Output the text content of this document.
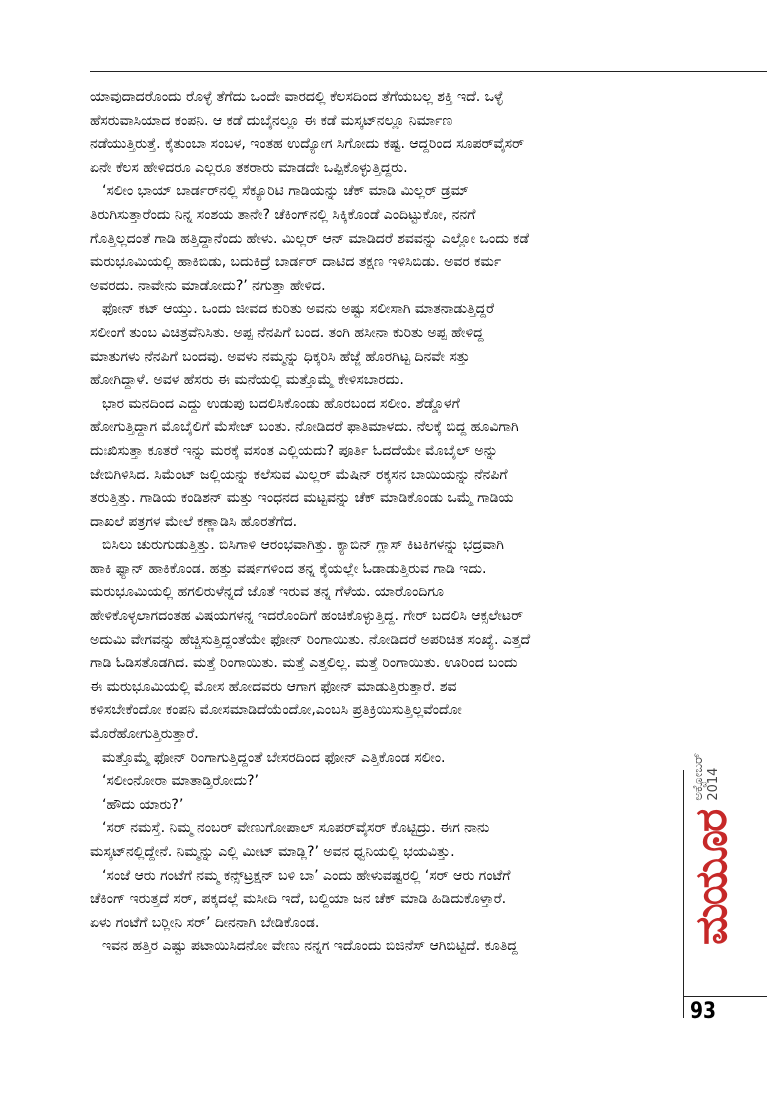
ಯಾವುದಾದರೊಂದು ರೊಳ್ಳೆ ತೆಗೆದು ಒಂದೇ ವಾರದಲ್ಲಿ ಕೆಲಸದಿಂದ ತೆಗೆಯಬಲ್ಲ ಶಕ್ತಿ ಇದೆ. ಒಳ್ಳೆ
ಹೆಸರುವಾಸಿಯಾದ ಕಂಪನಿ. ಆ ಕಡೆ ದುಬೈನಲ್ಲೂ ಈ ಕಡೆ ಮಸ್ಕಟ್‌ನಲ್ಲೂ ನಿರ್ಮಾಣ
ನಡೆಯುತ್ತಿರುತ್ತೆ. ಕೈತುಂಬಾ ಸಂಬಳ, ಇಂತಹ ಉದ್ಯೋಗ ಸಿಗೋದು ಕಷ್ಟ. ಆದ್ದರಿಂದ ಸೂಪರ್‌ವೈಸರ್
ಏನೇ ಕೆಲಸ ಹೇಳಿದರೂ ಎಲ್ಲರೂ ತಕರಾರು ಮಾಡದೇ ಒಪ್ಪಿಕೊಳ್ಳುತ್ತಿದ್ದರು.
‘ಸಲೀಂ ಭಾಯ್ ಬಾರ್ಡರ್‌ನಲ್ಲಿ ಸೆಕ್ಯೂರಿಟಿ ಗಾಡಿಯನ್ನು ಚೆಕ್ ಮಾಡಿ ಮಿಲ್ಲರ್ ಡ್ರಮ್
ತಿರುಗಿಸುತ್ತಾರೆಂದು ನಿನ್ನ ಸಂಶಯ ತಾನೇ? ಚೆಕಿಂಗ್‌ನಲ್ಲಿ ಸಿಕ್ಕಿಕೊಂಡೆ ಎಂದಿಟ್ಟುಕೋ, ನನಗೆ
ಗೊತ್ತಿಲ್ಲದಂತೆ ಗಾಡಿ ಹತ್ತಿದ್ದಾನೆಂದು ಹೇಳು. ಮಿಲ್ಲರ್ ಆನ್ ಮಾಡಿದರೆ ಶವವನ್ನು ಎಲ್ಲೋ ಒಂದು ಕಡೆ
ಮರುಭೂಮಿಯಲ್ಲಿ ಹಾಕಿಬಿಡು, ಬದುಕಿದ್ರೆ ಬಾರ್ಡರ್ ದಾಟಿದ ತಕ್ಷಣ ಇಳಿಸಿಬಿಡು. ಅವರ ಕರ್ಮ
ಅವರದು. ನಾವೇನು ಮಾಡೋದು?’ ನಗುತ್ತಾ ಹೇಳಿದ.
ಫೋನ್ ಕಟ್ ಆಯ್ತು. ಒಂದು ಜೀವದ ಕುರಿತು ಅವನು ಅಷ್ಟು ಸಲೀಸಾಗಿ ಮಾತನಾಡುತ್ತಿದ್ದರೆ
ಸಲೀಂಗೆ ತುಂಬ ವಿಚಿತ್ರವೆನಿಸಿತು. ಅಪ್ಪ ನೆನಪಿಗೆ ಬಂದ. ತಂಗಿ ಹಸೀನಾ ಕುರಿತು ಅಪ್ಪ ಹೇಳಿದ್ದ
ಮಾತುಗಳು ನೆನಪಿಗೆ ಬಂದವು. ಅವಳು ನಮ್ಮನ್ನು ಧಿಕ್ಕರಿಸಿ ಹೆಜ್ಜೆ ಹೊರಗಿಟ್ಟ ದಿನವೇ ಸತ್ತು
ಹೋಗಿದ್ದಾಳೆ. ಅವಳ ಹೆಸರು ಈ ಮನೆಯಲ್ಲಿ ಮತ್ತೊಮ್ಮೆ ಕೇಳಿಸಬಾರದು.
ಭಾರ ಮನದಿಂದ ಎದ್ದು ಉಡುಪು ಬದಲಿಸಿಕೊಂಡು ಹೊರಬಂದ ಸಲೀಂ. ಶೆಡ್ಡೊಳಗೆ
ಹೋಗುತ್ತಿದ್ದಾಗ ಮೊಬೈಲಿಗೆ ಮೆಸೇಜ್ ಬಂತು. ನೋಡಿದರೆ ಫಾತಿಮಾಳದು. ನೆಲಕ್ಕೆ ಬಿದ್ದ ಹೂವಿಗಾಗಿ
ದುಃಖಿಸುತ್ತಾ ಕೂತರೆ ಇನ್ನು ಮರಕ್ಕೆ ವಸಂತ ಎಲ್ಲಿಯದು? ಪೂರ್ತಿ ಓದದೆಯೇ ಮೊಬೈಲ್ ಅನ್ನು
ಜೇಬಿಗಿಳಿಸಿದ. ಸಿಮೆಂಟ್ ಜಲ್ಲಿಯನ್ನು ಕಲೆಸುವ ಮಿಲ್ಲರ್ ಮೆಷಿನ್ ರಕ್ಕಸನ ಬಾಯಿಯನ್ನು ನೆನಪಿಗೆ
ತರುತ್ತಿತ್ತು. ಗಾಡಿಯ ಕಂಡಿಶನ್ ಮತ್ತು ಇಂಧನದ ಮಟ್ಟವನ್ನು ಚೆಕ್ ಮಾಡಿಕೊಂಡು ಒಮ್ಮೆ ಗಾಡಿಯ
ದಾಖಲೆ ಪತ್ರಗಳ ಮೇಲೆ ಕಣ್ಣಾಡಿಸಿ ಹೊರತೆಗೆದ.
ಬಿಸಿಲು ಚುರುಗುಡುತ್ತಿತ್ತು. ಬಿಸಿಗಾಳಿ ಆರಂಭವಾಗಿತ್ತು. ಕ್ಯಾಬಿನ್ ಗ್ಲಾಸ್ ಕಿಟಕಿಗಳನ್ನು ಭದ್ರವಾಗಿ
ಹಾಕಿ ಫ್ಯಾನ್ ಹಾಕಿಕೊಂಡ. ಹತ್ತು ವರ್ಷಗಳಿಂದ ತನ್ನ ಕೈಯಲ್ಲೇ ಓಡಾಡುತ್ತಿರುವ ಗಾಡಿ ಇದು.
ಮರುಭೂಮಿಯಲ್ಲಿ ಹಗಲಿರುಳೆನ್ನದೆ ಜೊತೆ ಇರುವ ತನ್ನ ಗೆಳೆಯ. ಯಾರೊಂದಿಗೂ
ಹೇಳಿಕೊಳ್ಳಲಾಗದಂತಹ ವಿಷಯಗಳನ್ನ ಇದರೊಂದಿಗೆ ಹಂಚಿಕೊಳ್ಳುತ್ತಿದ್ದ. ಗೇರ್ ಬದಲಿಸಿ ಆಕ್ಸಲೇಟರ್
ಅದುಮಿ ವೇಗವನ್ನು ಹೆಚ್ಚಿಸುತ್ತಿದ್ದಂತೆಯೇ ಫೋನ್ ರಿಂಗಾಯಿತು. ನೋಡಿದರೆ ಅಪರಿಚಿತ ಸಂಖ್ಯೆ. ಎತ್ತದೆ
ಗಾಡಿ ಓಡಿಸತೊಡಗಿದ. ಮತ್ತೆ ರಿಂಗಾಯಿತು. ಮತ್ತೆ ಎತ್ತಲಿಲ್ಲ. ಮತ್ತೆ ರಿಂಗಾಯಿತು. ಊರಿಂದ ಬಂದು
ಈ ಮರುಭೂಮಿಯಲ್ಲಿ ಮೋಸ ಹೋದವರು ಆಗಾಗ ಫೋನ್ ಮಾಡುತ್ತಿರುತ್ತಾರೆ. ಶವ
ಕಳಿಸಬೇಕೆಂದೋ ಕಂಪನಿ ಮೋಸಮಾಡಿದೆಯೆಂದೋ,ಎಂಬಸಿ ಪ್ರತಿಕ್ರಿಯಿಸುತ್ತಿಲ್ಲವೆಂದೋ
ಮೊರೆಹೋಗುತ್ತಿರುತ್ತಾರೆ.
ಮತ್ತೊಮ್ಮೆ ಫೋನ್ ರಿಂಗಾಗುತ್ತಿದ್ದಂತೆ ಬೇಸರದಿಂದ ಫೋನ್ ಎತ್ತಿಕೊಂಡ ಸಲೀಂ.
‘ಸಲೀಂನೋರಾ ಮಾತಾಡ್ತಿರೋದು?’
‘ಹೌದು ಯಾರು?’
‘ಸರ್ ನಮಸ್ತೆ. ನಿಮ್ಮ ನಂಬರ್ ವೇಣುಗೋಪಾಲ್ ಸೂಪರ್‌ವೈಸರ್ ಕೊಟ್ಟಿದ್ರು. ಈಗ ನಾನು
ಮಸ್ಕಟ್‌ನಲ್ಲಿದ್ದೇನೆ. ನಿಮ್ಮನ್ನು ಎಲ್ಲಿ ಮೀಟ್ ಮಾಡ್ಲಿ?’ ಅವನ ಧ್ವನಿಯಲ್ಲಿ ಭಯವಿತ್ತು.
‘ಸಂಜೆ ಆರು ಗಂಟೆಗೆ ನಮ್ಮ ಕನ್ಸ್‌ಟ್ರಕ್ಷನ್ ಬಳಿ ಬಾ’ ಎಂದು ಹೇಳುವಷ್ಟರಲ್ಲಿ ‘ಸರ್ ಆರು ಗಂಟೆಗೆ
ಚೆಕಿಂಗ್ ಇರುತ್ತದೆ ಸರ್, ಪಕ್ಕದಲ್ಲೆ ಮಸೀದಿ ಇದೆ, ಬಲ್ದಿಯಾ ಜನ ಚೆಕ್ ಮಾಡಿ ಹಿಡಿದುಕೊಳ್ತಾರೆ.
ಏಳು ಗಂಟೆಗೆ ಬರ್‍ಲೀನಿ ಸರ್’ ದೀನನಾಗಿ ಬೇಡಿಕೊಂಡ.
ಇವನ ಹತ್ತಿರ ಎಷ್ಟು ಪಟಾಯಿಸಿದನೋ ವೇಣು ನನ್ನಗ ಇದೊಂದು ಬಿಜಿನೆಸ್ ಆಗಿಬಿಟ್ಟಿದೆ. ಕೂತಿದ್ದ
ಮಯೂರ
ಅಕ್ಟೋಬರ್ 2014
93
